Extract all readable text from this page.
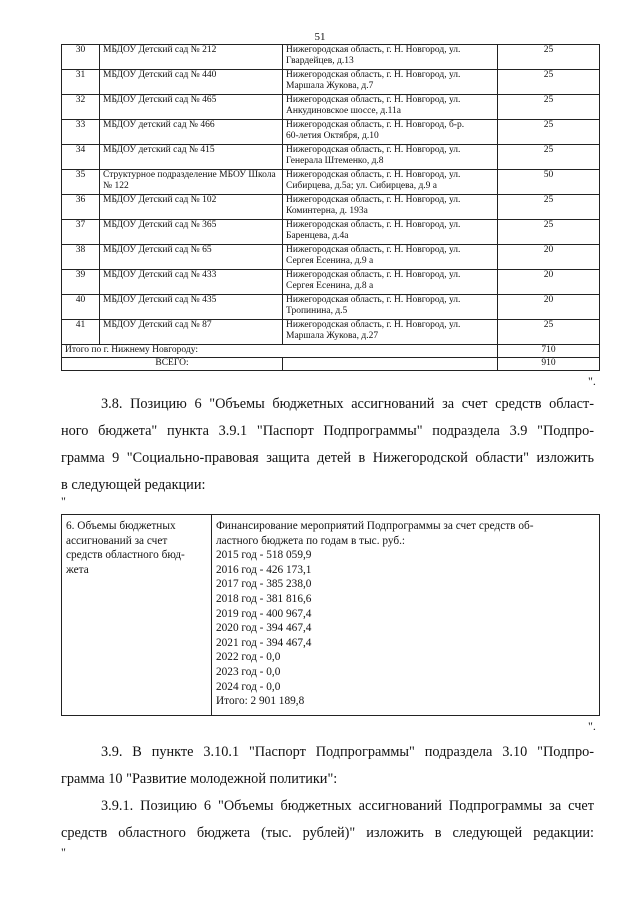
51
30	МБДОУ Детский сад № 212	Нижегородская область, г. Н. Новгород, ул.
Гвардейцев, д.13	25
31	МБДОУ Детский сад № 440	Нижегородская область, г. Н. Новгород, ул.
Маршала Жукова, д.7	25
32	МБДОУ Детский сад № 465	Нижегородская область, г. Н. Новгород, ул.
Анкудиновское шоссе, д.11а	25
33	МБДОУ детский сад № 466	Нижегородская область, г. Н. Новгород, б-р.
60-летия Октября, д.10	25
34	МБДОУ детский сад № 415	Нижегородская область, г. Н. Новгород, ул.
Генерала Штеменко, д.8	25
35	Структурное подразделение МБОУ Школа № 122	Нижегородская область, г. Н. Новгород, ул.
Сибирцева, д.5а; ул. Сибирцева, д.9 а	50
36	МБДОУ Детский сад № 102	Нижегородская область, г. Н. Новгород, ул.
Коминтерна, д. 193а	25
37	МБДОУ Детский сад № 365	Нижегородская область, г. Н. Новгород, ул.
Баренцева, д.4а	25
38	МБДОУ Детский сад № 65	Нижегородская область, г. Н. Новгород, ул.
Сергея Есенина, д.9 а	20
39	МБДОУ Детский сад № 433	Нижегородская область, г. Н. Новгород, ул.
Сергея Есенина, д.8 а	20
40	МБДОУ Детский сад № 435	Нижегородская область, г. Н. Новгород, ул.
Тропинина, д.5	20
41	МБДОУ Детский сад № 87	Нижегородская область, г. Н. Новгород, ул.
Маршала Жукова, д.27	25
Итого по г. Нижнему Новгороду:			710
ВСЕГО:			910
".
3.8. Позицию 6 "Объемы бюджетных ассигнований за счет средств област-
ного бюджета" пункта 3.9.1 "Паспорт Подпрограммы" подраздела 3.9 "Подпро-
грамма 9 "Социально-правовая защита детей в Нижегородской области" изложить
в следующей редакции:
"
6. Объемы бюджетных
ассигнований за счет
средств областного бюд-
жета

Финансирование мероприятий Подпрограммы за счет средств об-
ластного бюджета по годам в тыс. руб.:
2015 год - 518 059,9
2016 год - 426 173,1
2017 год - 385 238,0
2018 год - 381 816,6
2019 год - 400 967,4
2020 год - 394 467,4
2021 год - 394 467,4
2022 год - 0,0
2023 год - 0,0
2024 год - 0,0
Итого: 2 901 189,8
".
3.9. В пункте 3.10.1 "Паспорт Подпрограммы" подраздела 3.10 "Подпро-
грамма 10 "Развитие молодежной политики":
3.9.1. Позицию 6 "Объемы бюджетных ассигнований Подпрограммы за счет
средств областного бюджета (тыс. рублей)" изложить в следующей редакции:
"
